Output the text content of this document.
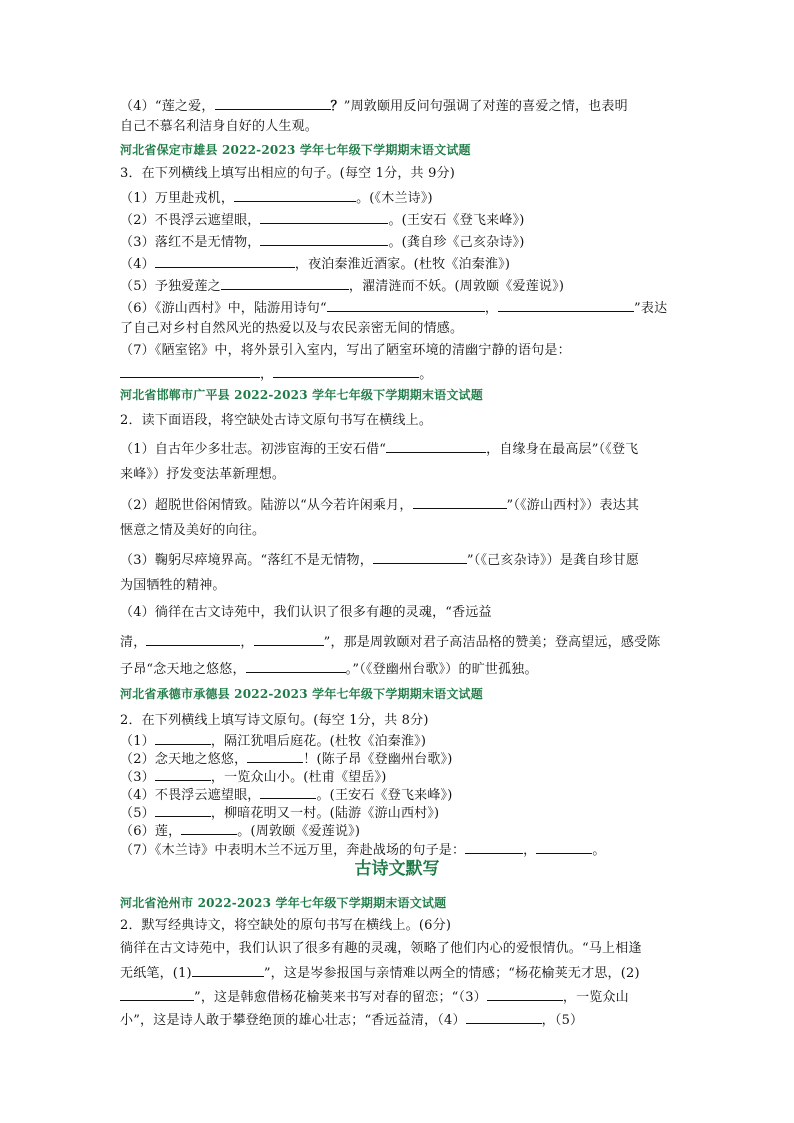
（4）“莲之爱，	？”周敦颐用反问句强调了对莲的喜爱之情，也表明
自己不慕名利洁身自好的人生观。
河北省保定市雄县 2022-2023 学年七年级下学期期末语文试题
3．在下列横线上填写出相应的句子。(每空 1分，共 9分)
（1）万里赴戎机，	。(《木兰诗》)
（2）不畏浮云遮望眼，	。(王安石《登飞来峰》)
（3）落红不是无情物，	。(龚自珍《己亥杂诗》)
（4）	，夜泊秦淮近酒家。(杜牧《泊秦淮》)
（5）予独爱莲之	，濯清涟而不妖。(周敦颐《爱莲说》)
（6）《游山西村》中，陆游用诗句“	，	”表达
了自己对乡村自然风光的热爱以及与农民亲密无间的情感。
（7）《陋室铭》中，将外景引入室内，写出了陋室环境的清幽宁静的语句是：
，	。
河北省邯郸市广平县 2022-2023 学年七年级下学期期末语文试题
2．读下面语段，将空缺处古诗文原句书写在横线上。
（1）自古年少多壮志。初涉宦海的王安石借“	，自缘身在最高层”（《登飞
来峰》）抒发变法革新理想。
（2）超脱世俗闲情致。陆游以“从今若许闲乘月，	”（《游山西村》）表达其
惬意之情及美好的向往。
（3）鞠躬尽瘁境界高。“落红不是无情物，	”（《己亥杂诗》）是龚自珍甘愿
为国牺牲的精神。
（4）徜徉在古文诗苑中，我们认识了很多有趣的灵魂，“香远益
清，	，	”，那是周敦颐对君子高洁品格的赞美；登高望远，感受陈
子昂“念天地之悠悠，	。”（《登幽州台歌》）的旷世孤独。
河北省承德市承德县 2022-2023 学年七年级下学期期末语文试题
2．在下列横线上填写诗文原句。(每空 1分，共 8分)
（1）	，隔江犹唱后庭花。(杜牧《泊秦淮》)
（2）念天地之悠悠，	！(陈子昂《登幽州台歌》)
（3）	，一览众山小。(杜甫《望岳》)
（4）不畏浮云遮望眼，	。(王安石《登飞来峰》)
（5）	，柳暗花明又一村。(陆游《游山西村》)
（6）莲，	。(周敦颐《爱莲说》)
（7）《木兰诗》中表明木兰不远万里，奔赴战场的句子是：	，	。
古诗文默写
河北省沧州市 2022-2023 学年七年级下学期期末语文试题
2．默写经典诗文，将空缺处的原句书写在横线上。(6分)
徜徉在古文诗苑中，我们认识了很多有趣的灵魂，领略了他们内心的爱恨情仇。“马上相逢
无纸笔，(1)	”，这是岑参报国与亲情难以两全的情感；“杨花榆荚无才思，(2)
”，这是韩愈借杨花榆荚来书写对春的留恋；“（3）	，一览众山
小”，这是诗人敢于攀登绝顶的雄心壮志；“香远益清，（4）	，（5）
